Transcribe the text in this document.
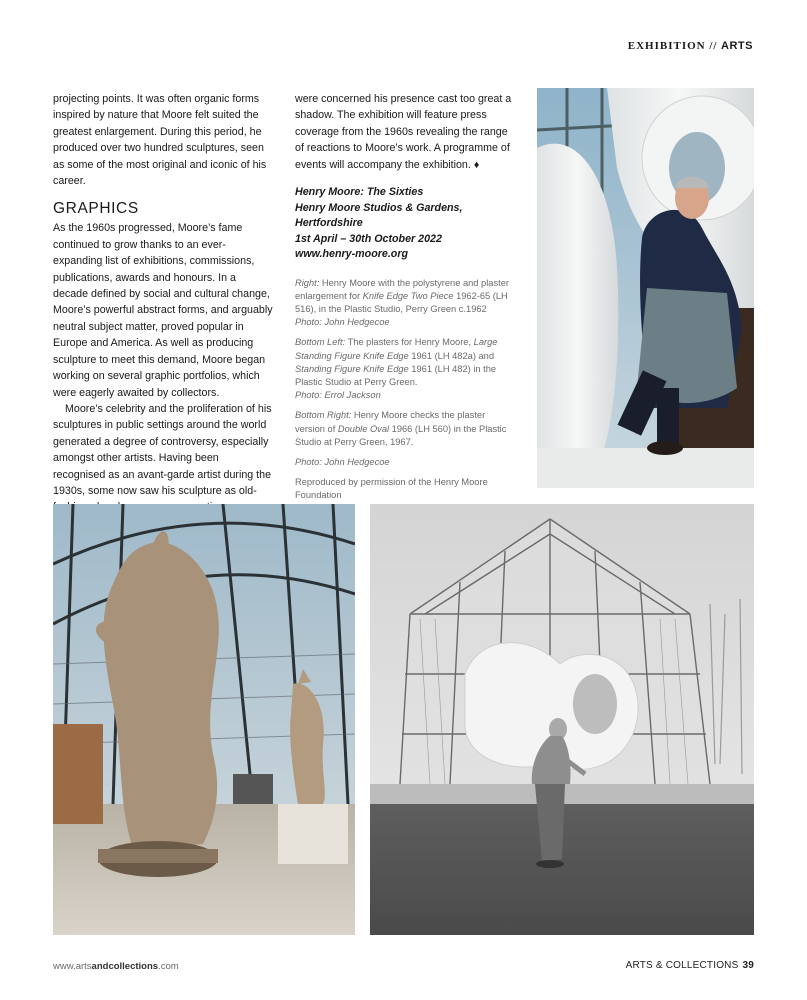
EXHIBITION // ARTS

projecting points. It was often organic forms inspired by nature that Moore felt suited the greatest enlargement. During this period, he produced over two hundred sculptures, seen as some of the most original and iconic of his career.

GRAPHICS

As the 1960s progressed, Moore’s fame continued to grow thanks to an ever-expanding list of exhibitions, commissions, publications, awards and honours. In a decade defined by social and cultural change, Moore’s powerful abstract forms, and arguably neutral subject matter, proved popular in Europe and America. As well as producing sculpture to meet this demand, Moore began working on several graphic portfolios, which were eagerly awaited by collectors.

Moore’s celebrity and the proliferation of his sculptures in public settings around the world generated a degree of controversy, especially amongst other artists. Having been recognised as an avant-garde artist during the 1930s, some now saw his sculpture as old-

were concerned his presence cast too great a shadow. The exhibition will feature press coverage from the 1960s revealing the range of reactions to Moore’s work. A programme of events will accompany the exhibition. ♦

Henry Moore: The Sixties
Henry Moore Studios & Gardens,
Hertfordshire
1st April – 30th October 2022
www.henry-moore.org

Right: Henry Moore with the polystyrene and plaster enlargement for Knife Edge Two Piece 1962-65 (LH 516), in the Plastic Studio, Perry Green c.1962
Photo: John Hedgecoe

Bottom Left: The plasters for Henry Moore, Large Standing Figure Knife Edge 1961 (LH 482a) and Standing Figure Knife Edge 1961 (LH 482) in the Plastic Studio at Perry Green.
Photo: Errol Jackson

Bottom Right: Henry Moore checks the plaster version of Double Oval 1966 (LH 560) in the Plastic Studio at Perry Green, 1967.

Photo: John Hedgecoe

Reproduced by permission of the Henry Moore Foundation

www.artsandcollections.com	ARTS & COLLECTIONS 39
